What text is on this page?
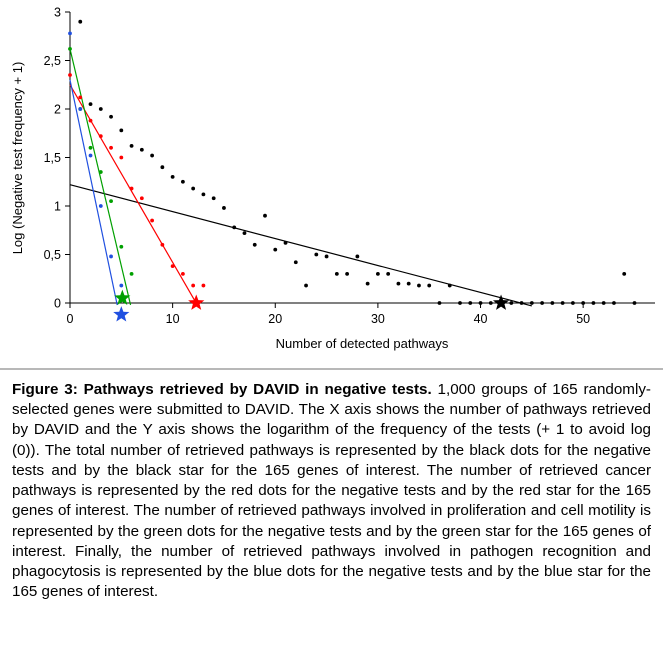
0	10	20	30	40	50
0
0,5
1
1,5
2
2,5
3
Number of detected pathways
Log (Negative test frequency + 1)

Figure 3: Pathways retrieved by DAVID in negative tests. 1,000 groups of 165 randomly-selected genes were submitted to DAVID. The X axis shows the number of pathways retrieved by DAVID and the Y axis shows the logarithm of the frequency of the tests (+ 1 to avoid log (0)). The total number of retrieved pathways is represented by the black dots for the negative tests and by the black star for the 165 genes of interest. The number of retrieved cancer pathways is represented by the red dots for the negative tests and by the red star for the 165 genes of interest. The number of retrieved pathways involved in proliferation and cell motility is represented by the green dots for the negative tests and by the green star for the 165 genes of interest. Finally, the number of retrieved pathways involved in pathogen recognition and phagocytosis is represented by the blue dots for the negative tests and by the blue star for the 165 genes of interest.
